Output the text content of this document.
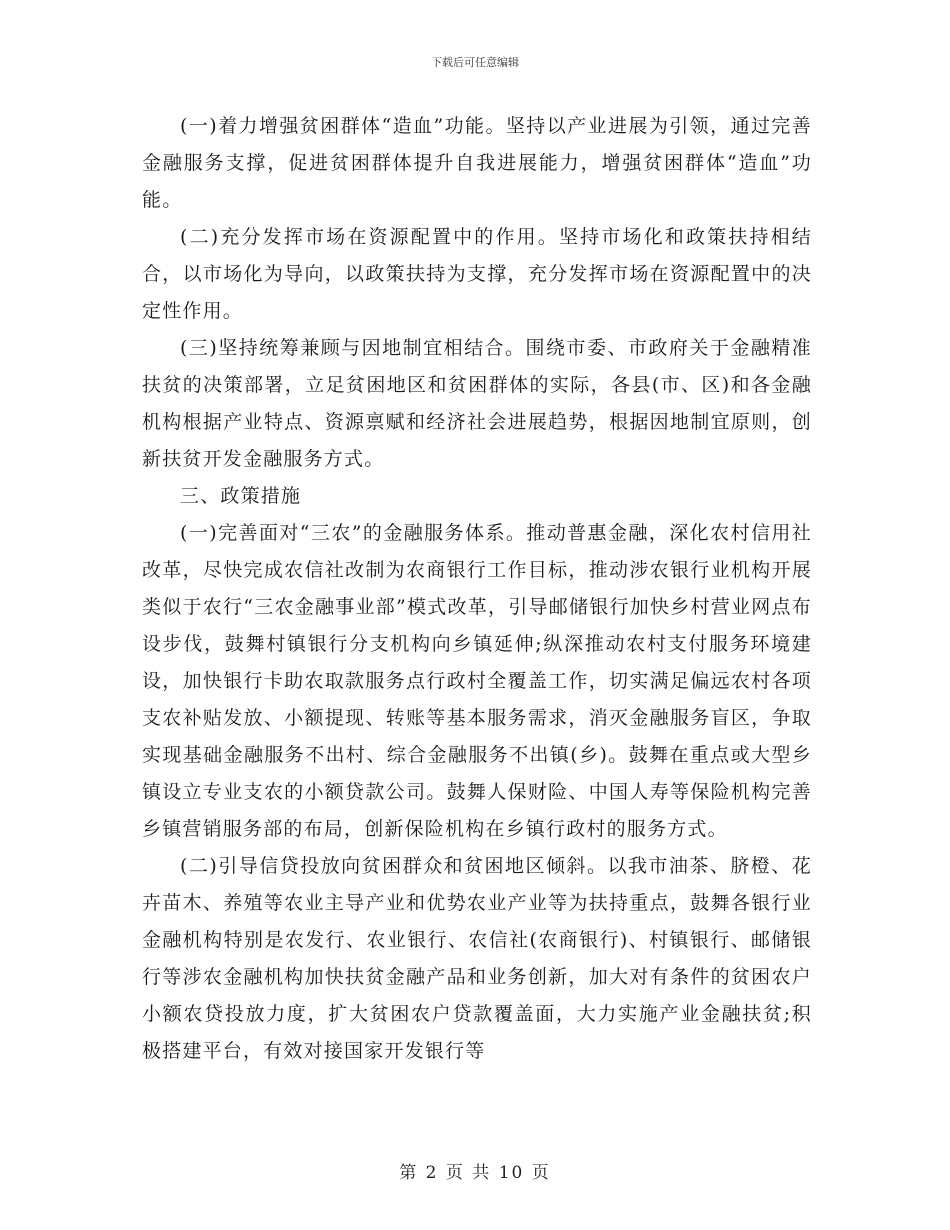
下载后可任意编辑

(一)着力增强贫困群体“造血”功能。坚持以产业进展为引领，通过完善金融服务支撑，促进贫困群体提升自我进展能力，增强贫困群体“造血”功能。

(二)充分发挥市场在资源配置中的作用。坚持市场化和政策扶持相结合，以市场化为导向，以政策扶持为支撑，充分发挥市场在资源配置中的决定性作用。

(三)坚持统筹兼顾与因地制宜相结合。围绕市委、市政府关于金融精准扶贫的决策部署，立足贫困地区和贫困群体的实际，各县(市、区)和各金融机构根据产业特点、资源禀赋和经济社会进展趋势，根据因地制宜原则，创新扶贫开发金融服务方式。

三、政策措施

(一)完善面对“三农”的金融服务体系。推动普惠金融，深化农村信用社改革，尽快完成农信社改制为农商银行工作目标，推动涉农银行业机构开展类似于农行“三农金融事业部”模式改革，引导邮储银行加快乡村营业网点布设步伐，鼓舞村镇银行分支机构向乡镇延伸;纵深推动农村支付服务环境建设，加快银行卡助农取款服务点行政村全覆盖工作，切实满足偏远农村各项支农补贴发放、小额提现、转账等基本服务需求，消灭金融服务盲区，争取实现基础金融服务不出村、综合金融服务不出镇(乡)。鼓舞在重点或大型乡镇设立专业支农的小额贷款公司。鼓舞人保财险、中国人寿等保险机构完善乡镇营销服务部的布局，创新保险机构在乡镇行政村的服务方式。

(二)引导信贷投放向贫困群众和贫困地区倾斜。以我市油茶、脐橙、花卉苗木、养殖等农业主导产业和优势农业产业等为扶持重点，鼓舞各银行业金融机构特别是农发行、农业银行、农信社(农商银行)、村镇银行、邮储银行等涉农金融机构加快扶贫金融产品和业务创新，加大对有条件的贫困农户小额农贷投放力度，扩大贫困农户贷款覆盖面，大力实施产业金融扶贫;积极搭建平台，有效对接国家开发银行等

第 2 页 共 10 页
